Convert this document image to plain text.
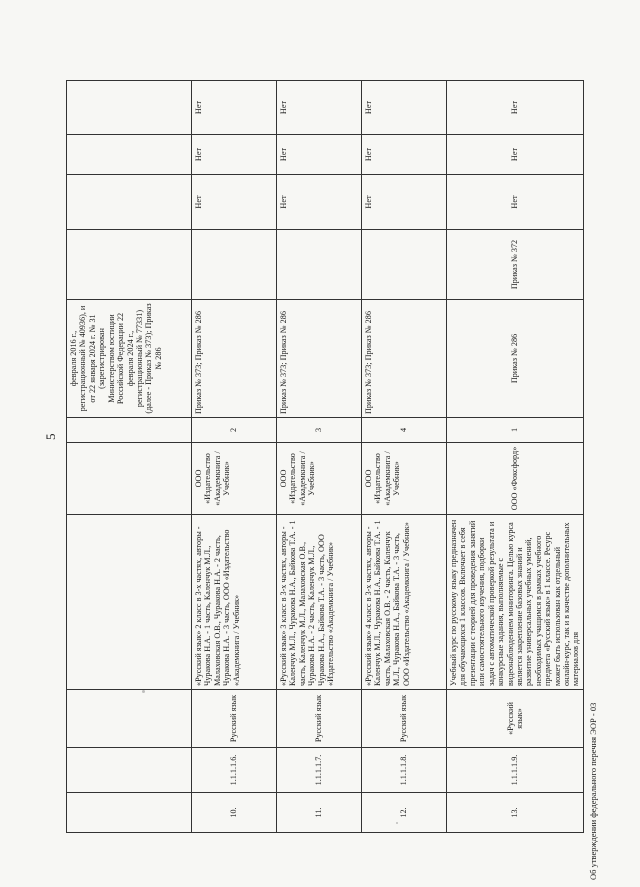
5
						февраля 2016 г., регистрационный № 40936), и от 22 января 2024 г. № 31 (зарегистрирован Министерством юстиции Российской Федерации 22 февраля 2024 г., регистрационный № 77331) (далее - Приказ № 373); Приказ № 286					
10.	1.1.1.1.6.	Русский язык	«Русский язык» 2 класс в 3-х частях, авторы - Чуракова Н.А. - 1 часть, Каленчук М.Л., Малаховская О.В., Чуракова Н.А. - 2 часть, Чуракова Н.А. - 3 часть, ООО «Издательство «Академкнига / Учебник»	ООО «Издательство «Академкнига / Учебник»	2	Приказ № 373; Приказ № 286		Нет	Нет	Нет	
11.	1.1.1.1.7.	Русский язык	«Русский язык» 3 класс в 3-х частях, авторы - Каленчук М.Л., Чуракова Н.А., Байкова Т.А. - 1 часть, Каленчук М.Л., Малаховская О.В., Чуракова Н.А. - 2 часть, Каленчук М.Л., Чуракова Н.А., Байкова Т.А. - 3 часть, ООО «Издательство «Академкнига / Учебник»	ООО «Издательство «Академкнига / Учебник»	3	Приказ № 373; Приказ № 286		Нет	Нет	Нет	
12.	1.1.1.1.8.	Русский язык	«Русский язык» 4 класс в 3-х частях, авторы - Каленчук М.Л., Чуракова Н.А., Байкова Т.А. - 1 часть, Малаховская О.В. - 2 часть, Каленчук М.Л., Чуракова Н.А., Байкова Т.А. - 3 часть, ООО «Издательство «Академкнига / Учебник»	ООО «Издательство «Академкнига / Учебник»	4	Приказ № 373; Приказ № 286		Нет	Нет	Нет	
13.	1.1.1.1.9.	«Русский язык»	Учебный курс по русскому языку предназначен для обучающихся 1 классов. Включает в себя презентации с теорией для проведения занятий или самостоятельного изучения, подборки задач с автоматической проверкой результата и конкурсные задания, выполняемые с видеонаблюдением мониторинга. Целью курса является закрепление базовых знаний и развитие универсальных учебных умений, необходимых учащимся в рамках учебного предмета «Русский язык» в 1 классе. Ресурс может быть использован как отдельный онлайн-курс, так и в качестве дополнительных материалов для	ООО «Фоксфорд»	1	Приказ № 286	Приказ № 372	Нет	Нет	Нет	
Об утверждении федерального перечня ЭОР - 03
